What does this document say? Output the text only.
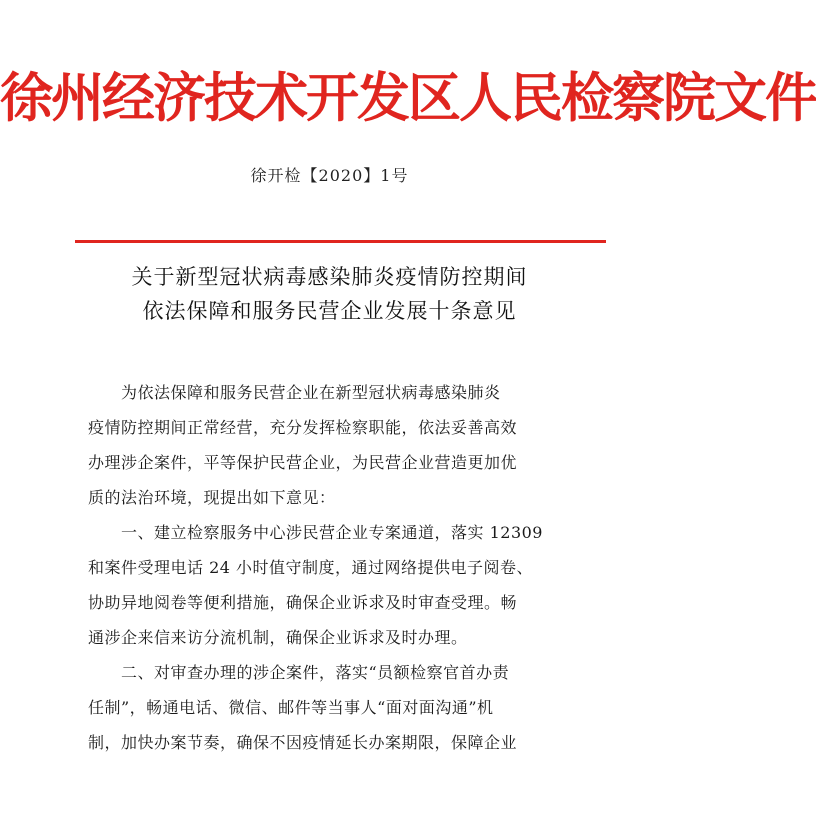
徐州经济技术开发区人民检察院文件
徐开检【2020】1号
关于新型冠状病毒感染肺炎疫情防控期间
依法保障和服务民营企业发展十条意见
为依法保障和服务民营企业在新型冠状病毒感染肺炎
疫情防控期间正常经营，充分发挥检察职能，依法妥善高效
办理涉企案件，平等保护民营企业，为民营企业营造更加优
质的法治环境，现提出如下意见：
一、建立检察服务中心涉民营企业专案通道，落实 12309
和案件受理电话 24 小时值守制度，通过网络提供电子阅卷、
协助异地阅卷等便利措施，确保企业诉求及时审查受理。畅
通涉企来信来访分流机制，确保企业诉求及时办理。
二、对审查办理的涉企案件，落实“员额检察官首办责
任制”，畅通电话、微信、邮件等当事人“面对面沟通”机
制，加快办案节奏，确保不因疫情延长办案期限，保障企业
